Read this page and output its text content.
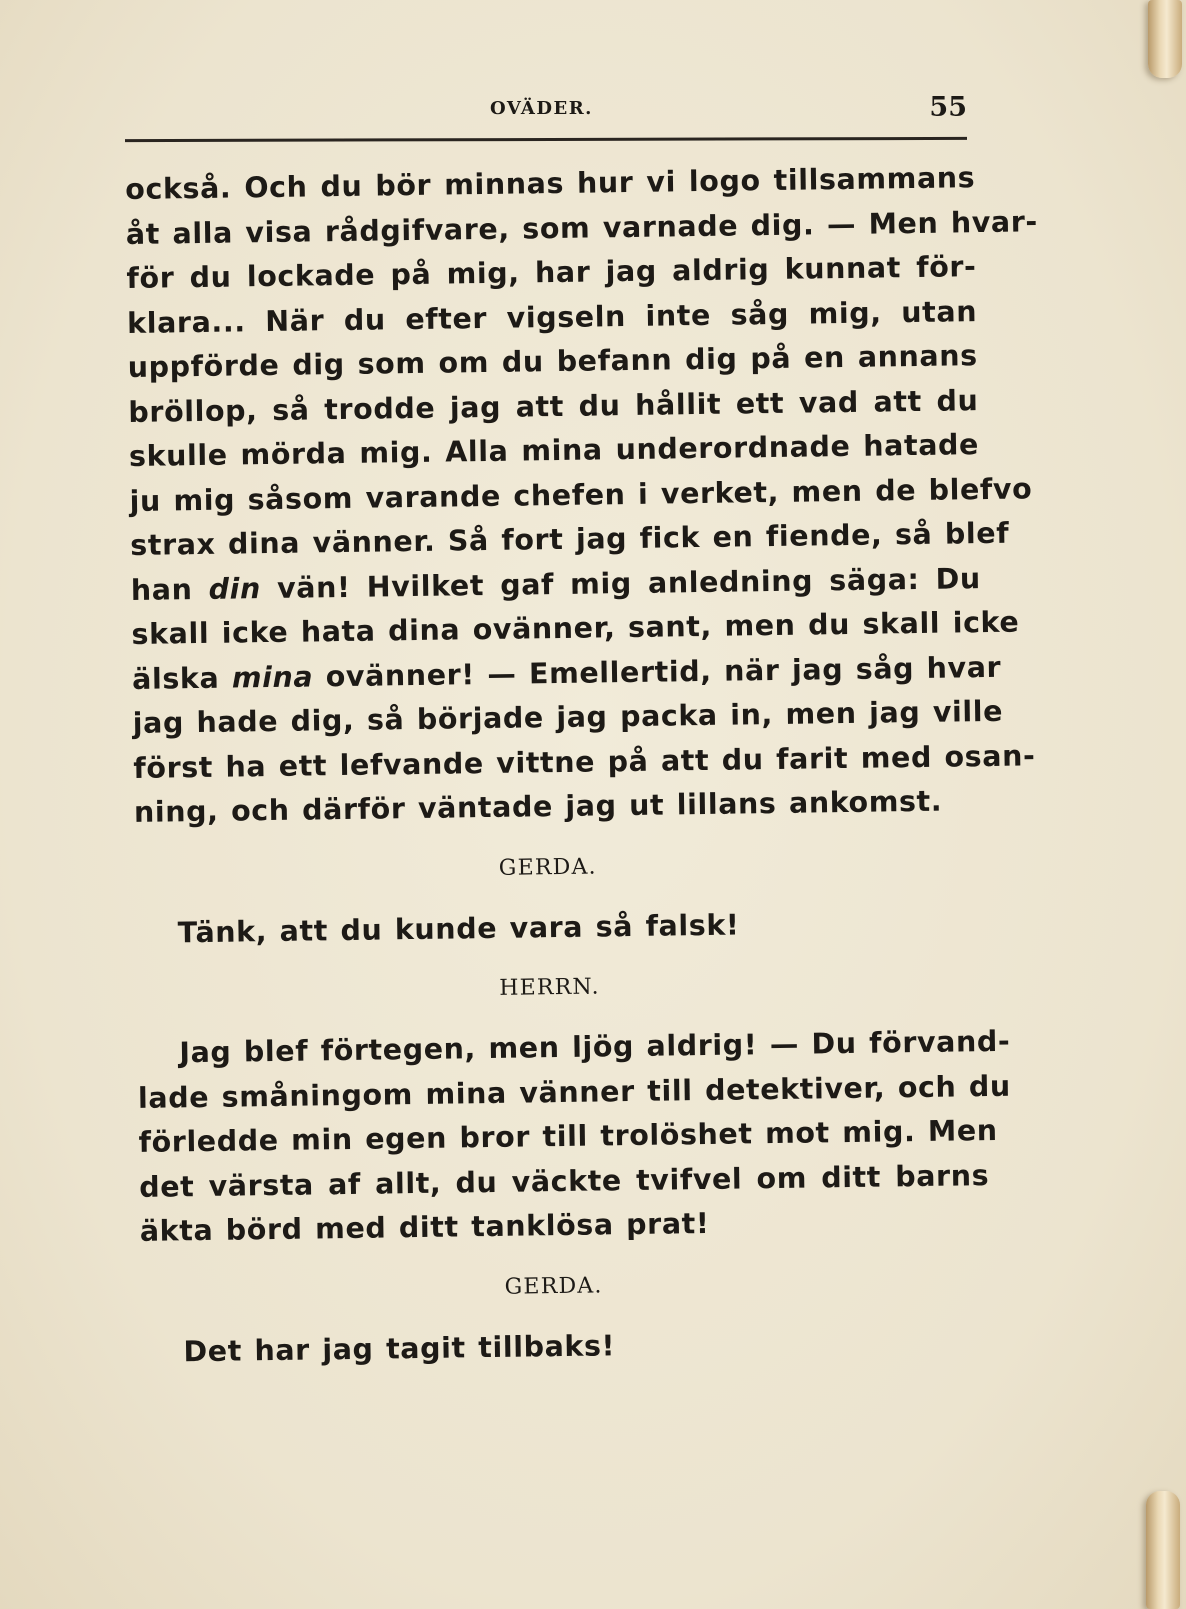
OVÄDER.	55
också. Och du bör minnas hur vi logo tillsammans
åt alla visa rådgifvare, som varnade dig. — Men hvar-
för du lockade på mig, har jag aldrig kunnat för-
klara... När du efter vigseln inte såg mig, utan
uppförde dig som om du befann dig på en annans
bröllop, så trodde jag att du hållit ett vad att du
skulle mörda mig. Alla mina underordnade hatade
ju mig såsom varande chefen i verket, men de blefvo
strax dina vänner. Så fort jag fick en fiende, så blef
han din vän! Hvilket gaf mig anledning säga: Du
skall icke hata dina ovänner, sant, men du skall icke
älska mina ovänner! — Emellertid, när jag såg hvar
jag hade dig, så började jag packa in, men jag ville
först ha ett lefvande vittne på att du farit med osan-
ning, och därför väntade jag ut lillans ankomst.
GERDA.
Tänk, att du kunde vara så falsk!
HERRN.
Jag blef förtegen, men ljög aldrig! — Du förvand-
lade småningom mina vänner till detektiver, och du
förledde min egen bror till trolöshet mot mig. Men
det värsta af allt, du väckte tvifvel om ditt barns
äkta börd med ditt tanklösa prat!
GERDA.
Det har jag tagit tillbaks!
